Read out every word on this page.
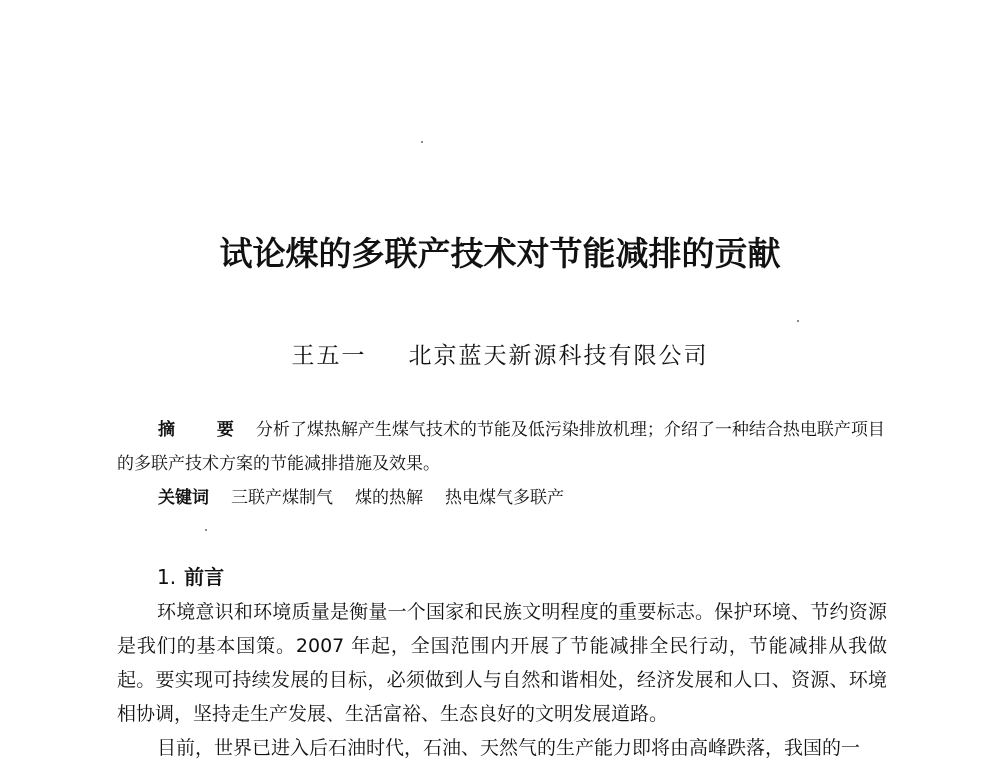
试论煤的多联产技术对节能减排的贡献
王五一 北京蓝天新源科技有限公司
摘 要 分析了煤热解产生煤气技术的节能及低污染排放机理；介绍了一种结合热电联产项目的多联产技术方案的节能减排措施及效果。
关键词 三联产煤制气 煤的热解 热电煤气多联产
1. 前言

环境意识和环境质量是衡量一个国家和民族文明程度的重要标志。保护环境、节约资源是我们的基本国策。2007 年起，全国范围内开展了节能减排全民行动，节能减排从我做起。要实现可持续发展的目标，必须做到人与自然和谐相处，经济发展和人口、资源、环境相协调，坚持走生产发展、生活富裕、生态良好的文明发展道路。

目前，世界已进入后石油时代，石油、天然气的生产能力即将由高峰跌落，我国的一
